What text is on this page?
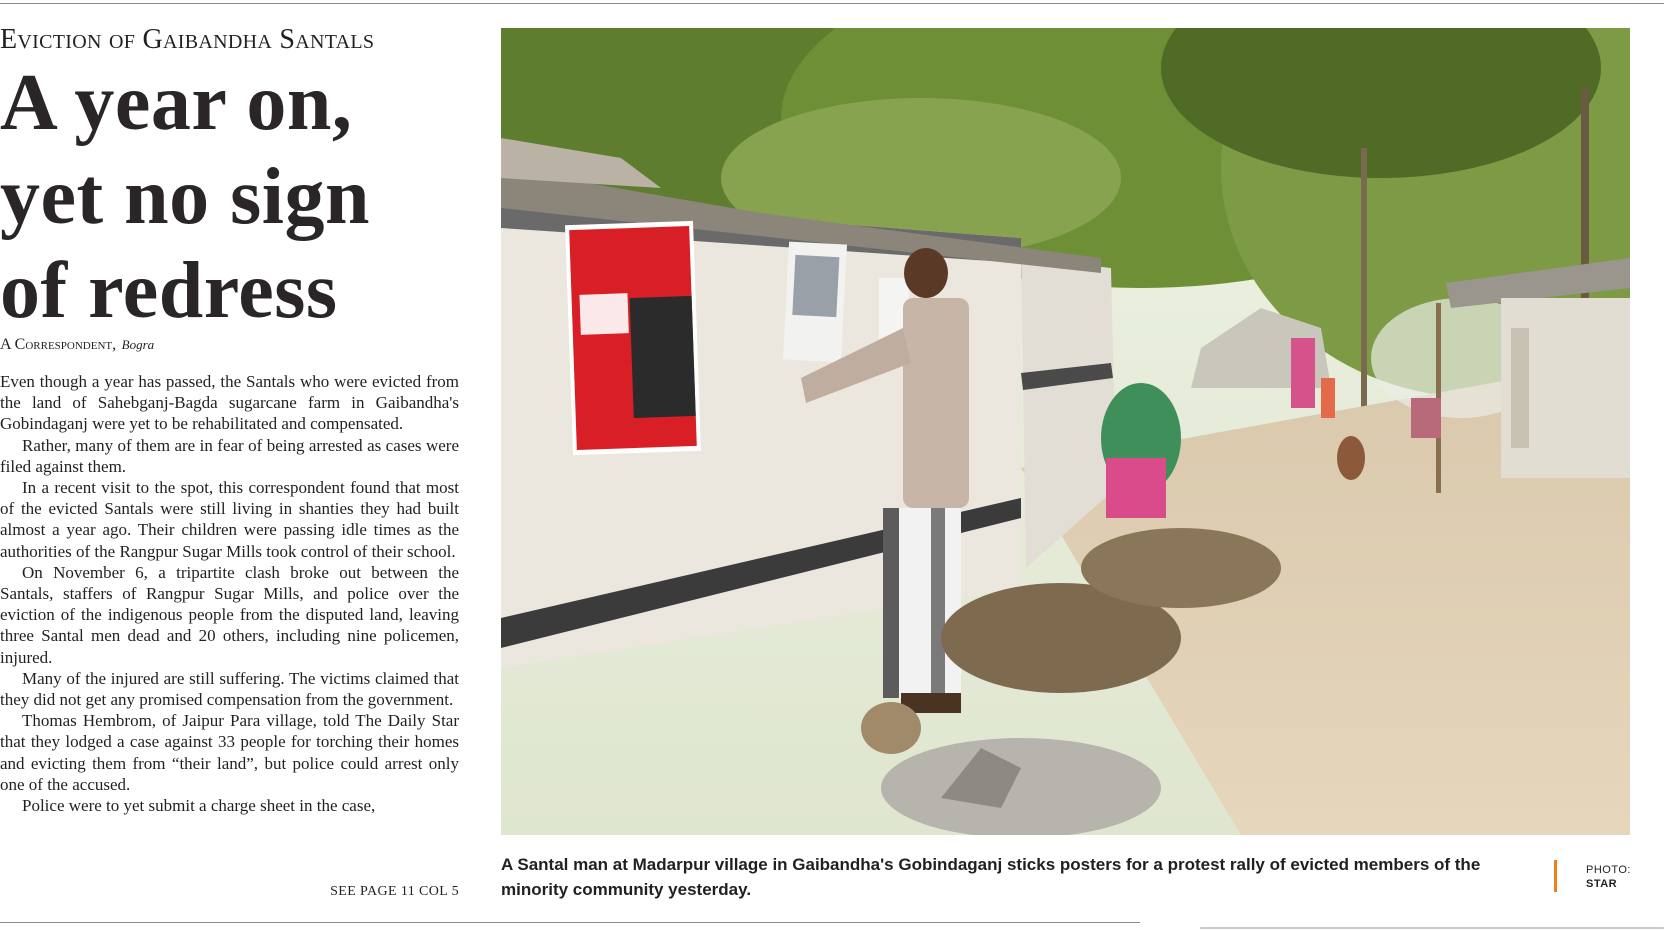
Eviction of Gaibandha Santals
A year on,
yet no sign
of redress
A Correspondent, Bogra

Even though a year has passed, the Santals who were evicted from the land of Sahebganj-Bagda sugarcane farm in Gaibandha's Gobindaganj were yet to be rehabilitated and compensated.

Rather, many of them are in fear of being arrested as cases were filed against them.

In a recent visit to the spot, this correspondent found that most of the evicted Santals were still living in shanties they had built almost a year ago. Their children were passing idle times as the authorities of the Rangpur Sugar Mills took control of their school.

On November 6, a tripartite clash broke out between the Santals, staffers of Rangpur Sugar Mills, and police over the eviction of the indigenous people from the disputed land, leaving three Santal men dead and 20 others, including nine policemen, injured.

Many of the injured are still suffering. The victims claimed that they did not get any promised compensation from the government.

Thomas Hembrom, of Jaipur Para village, told The Daily Star that they lodged a case against 33 people for torching their homes and evicting them from “their land”, but police could arrest only one of the accused.

Police were to yet submit a charge sheet in the case,

SEE PAGE 11 COL 5
A Santal man at Madarpur village in Gaibandha's Gobindaganj sticks posters for a protest rally of evicted members of the minority community yesterday.
PHOTO:
STAR
